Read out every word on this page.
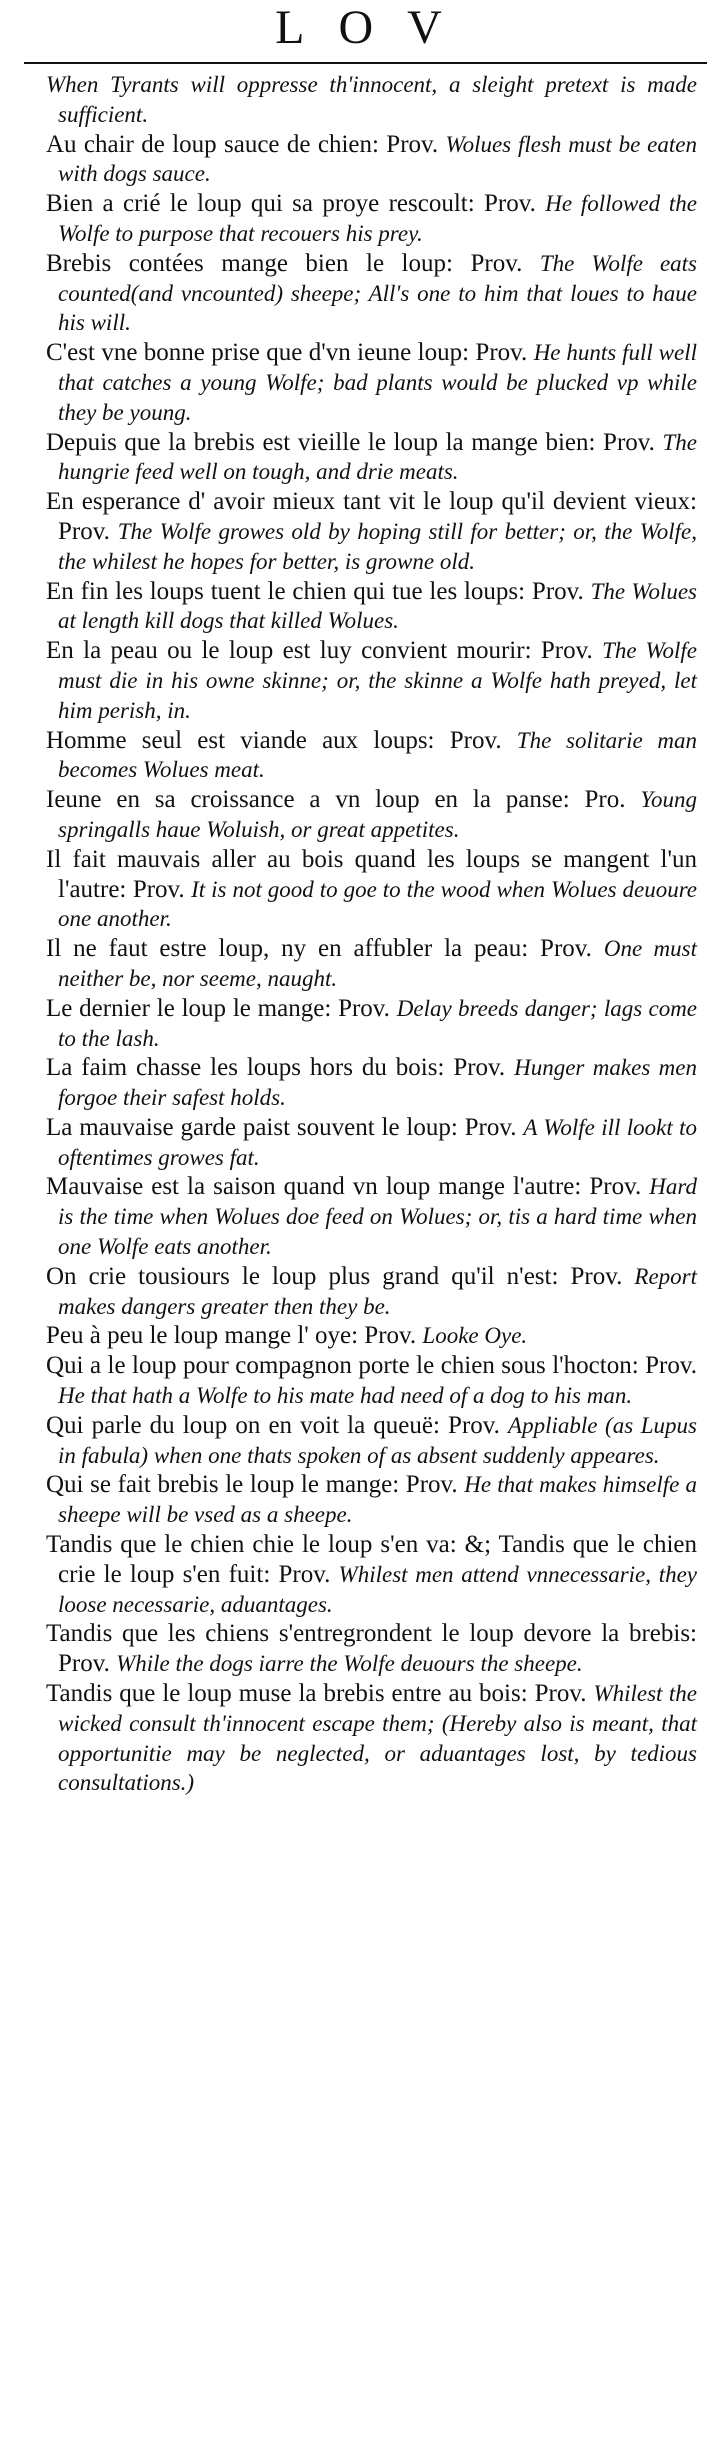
LOV

When Tyrants will oppresse th'innocent, a sleight pretext is made sufficient.

Au chair de loup sauce de chien: Prov. Wolues flesh must be eaten with dogs sauce.

Bien a crié le loup qui sa proye rescoult: Prov. He followed the Wolfe to purpose that recouers his prey.

Brebis contées mange bien le loup: Prov. The Wolfe eats counted(and vncounted) sheepe; All's one to him that loues to haue his will.

C'est vne bonne prise que d'vn ieune loup: Prov. He hunts full well that catches a young Wolfe; bad plants would be plucked vp while they be young.

Depuis que la brebis est vieille le loup la mange bien: Prov. The hungrie feed well on tough, and drie meats.

En esperance d' avoir mieux tant vit le loup qu'il devient vieux: Prov. The Wolfe growes old by hoping still for better; or, the Wolfe, the whilest he hopes for better, is growne old.

En fin les loups tuent le chien qui tue les loups: Prov. The Wolues at length kill dogs that killed Wolues.

En la peau ou le loup est luy convient mourir: Prov. The Wolfe must die in his owne skinne; or, the skinne a Wolfe hath preyed, let him perish, in.

Homme seul est viande aux loups: Prov. The solitarie man becomes Wolues meat.

Ieune en sa croissance a vn loup en la panse: Pro. Young springalls haue Woluish, or great appetites.

Il fait mauvais aller au bois quand les loups se mangent l'un l'autre: Prov. It is not good to goe to the wood when Wolues deuoure one another.

Il ne faut estre loup, ny en affubler la peau: Prov. One must neither be, nor seeme, naught.

Le dernier le loup le mange: Prov. Delay breeds danger; lags come to the lash.

La faim chasse les loups hors du bois: Prov. Hunger makes men forgoe their safest holds.

La mauvaise garde paist souvent le loup: Prov. A Wolfe ill lookt to oftentimes growes fat.

Mauvaise est la saison quand vn loup mange l'autre: Prov. Hard is the time when Wolues doe feed on Wolues; or, tis a hard time when one Wolfe eats another.

On crie tousiours le loup plus grand qu'il n'est: Prov. Report makes dangers greater then they be.

Peu à peu le loup mange l' oye: Prov. Looke Oye.

Qui a le loup pour compagnon porte le chien sous l'hocton: Prov. He that hath a Wolfe to his mate had need of a dog to his man.

Qui parle du loup on en voit la queuë: Prov. Appliable (as Lupus in fabula) when one thats spoken of as absent suddenly appeares.

Qui se fait brebis le loup le mange: Prov. He that makes himselfe a sheepe will be vsed as a sheepe.

Tandis que le chien chie le loup s'en va: &; Tandis que le chien crie le loup s'en fuit: Prov. Whilest men attend vnnecessarie, they loose necessarie, aduantages.

Tandis que les chiens s'entregrondent le loup devore la brebis: Prov. While the dogs iarre the Wolfe deuours the sheepe.

Tandis que le loup muse la brebis entre au bois: Prov. Whilest the wicked consult th'innocent escape them; (Hereby also is meant, that opportunitie may be neglected, or aduantages lost, by tedious consultations.)
